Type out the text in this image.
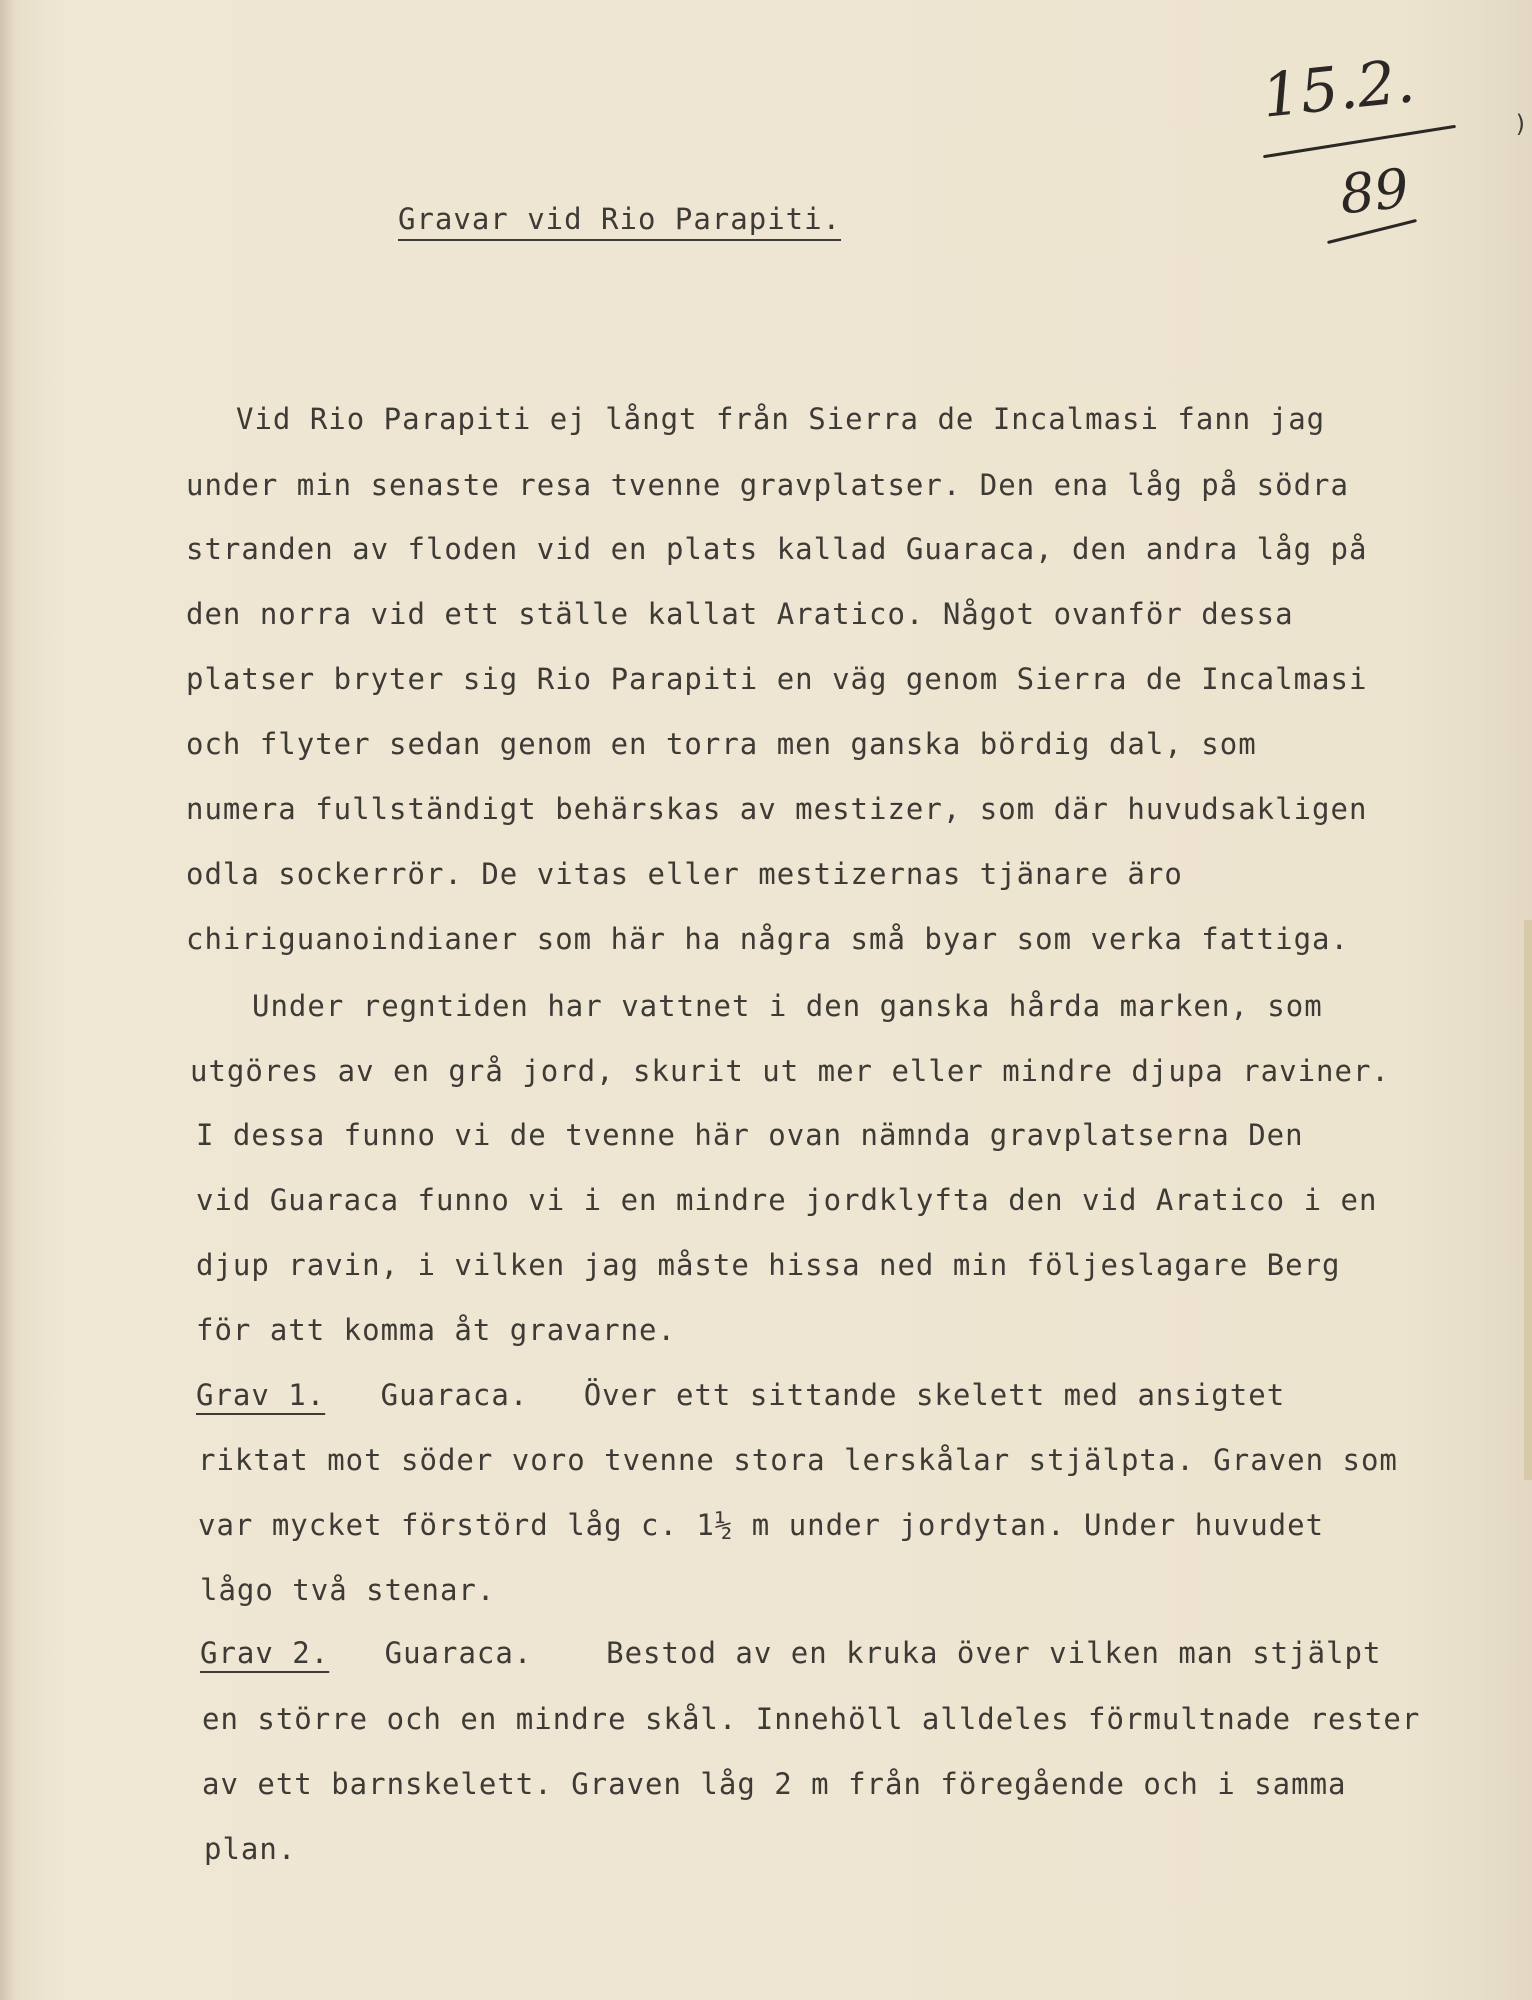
)
15.2.
89
Gravar vid Rio Parapiti.
Vid Rio Parapiti ej långt från Sierra de Incalmasi fann jag
under min senaste resa tvenne gravplatser. Den ena låg på södra
stranden av floden vid en plats kallad Guaraca, den andra låg på
den norra vid ett ställe kallat Aratico. Något ovanför dessa
platser bryter sig Rio Parapiti en väg genom Sierra de Incalmasi
och flyter sedan genom en torra men ganska bördig dal, som
numera fullständigt behärskas av mestizer, som där huvudsakligen
odla sockerrör. De vitas eller mestizernas tjänare äro
chiriguanoindianer som här ha några små byar som verka fattiga.
Under regntiden har vattnet i den ganska hårda marken, som
utgöres av en grå jord, skurit ut mer eller mindre djupa raviner.
I dessa funno vi de tvenne här ovan nämnda gravplatserna Den
vid Guaraca funno vi i en mindre jordklyfta den vid Aratico i en
djup ravin, i vilken jag måste hissa ned min följeslagare Berg
för att komma åt gravarne.
Grav 1. Guaraca. Över ett sittande skelett med ansigtet
riktat mot söder voro tvenne stora lerskålar stjälpta. Graven som
var mycket förstörd låg c. 1½ m under jordytan. Under huvudet
lågo två stenar.
Grav 2. Guaraca.	Bestod av en kruka över vilken man stjälpt
en större och en mindre skål. Innehöll alldeles förmultnade rester
av ett barnskelett. Graven låg 2 m från föregående och i samma
plan.
